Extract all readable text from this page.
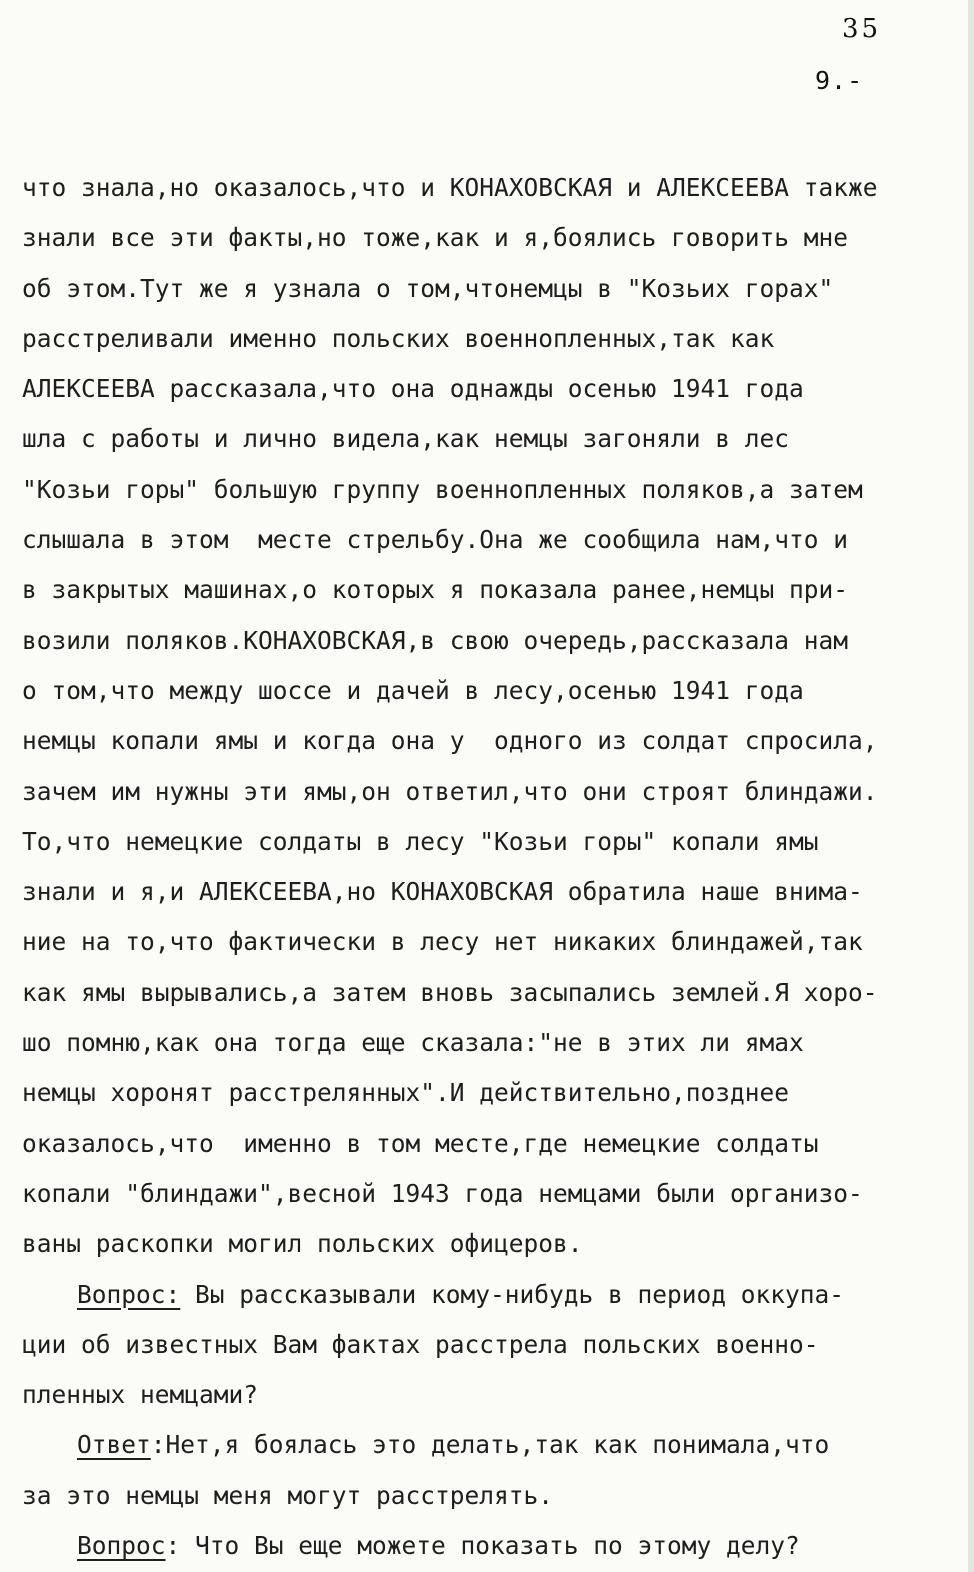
35
9.-
что знала,но оказалось,что и КОНАХОВСКАЯ и АЛЕКСЕЕВА также
знали все эти факты,но тоже,как и я,боялись говорить мне
об этом.Тут же я узнала о том,чтонемцы в "Козьих горах"
расстреливали именно польских военнопленных,так как
АЛЕКСЕЕВА рассказала,что она однажды осенью 1941 года
шла с работы и лично видела,как немцы загоняли в лес
"Козьи горы" большую группу военнопленных поляков,а затем
слышала в этом  месте стрельбу.Она же сообщила нам,что и
в закрытых машинах,о которых я показала ранее,немцы при-
возили поляков.КОНАХОВСКАЯ,в свою очередь,рассказала нам
о том,что между шоссе и дачей в лесу,осенью 1941 года
немцы копали ямы и когда она у  одного из солдат спросила,
зачем им нужны эти ямы,он ответил,что они строят блиндажи.
То,что немецкие солдаты в лесу "Козьи горы" копали ямы
знали и я,и АЛЕКСЕЕВА,но КОНАХОВСКАЯ обратила наше внима-
ние на то,что фактически в лесу нет никаких блиндажей,так
как ямы вырывались,а затем вновь засыпались землей.Я хоро-
шо помню,как она тогда еще сказала:"не в этих ли ямах
немцы хоронят расстрелянных".И действительно,позднее
оказалось,что  именно в том месте,где немецкие солдаты
копали "блиндажи",весной 1943 года немцами были организо-
ваны раскопки могил польских офицеров.
Вопрос: Вы рассказывали кому-нибудь в период оккупа-
ции об известных Вам фактах расстрела польских военно-
пленных немцами?
Ответ:Нет,я боялась это делать,так как понимала,что
за это немцы меня могут расстрелять.
Вопрос: Что Вы еще можете показать по этому делу?
